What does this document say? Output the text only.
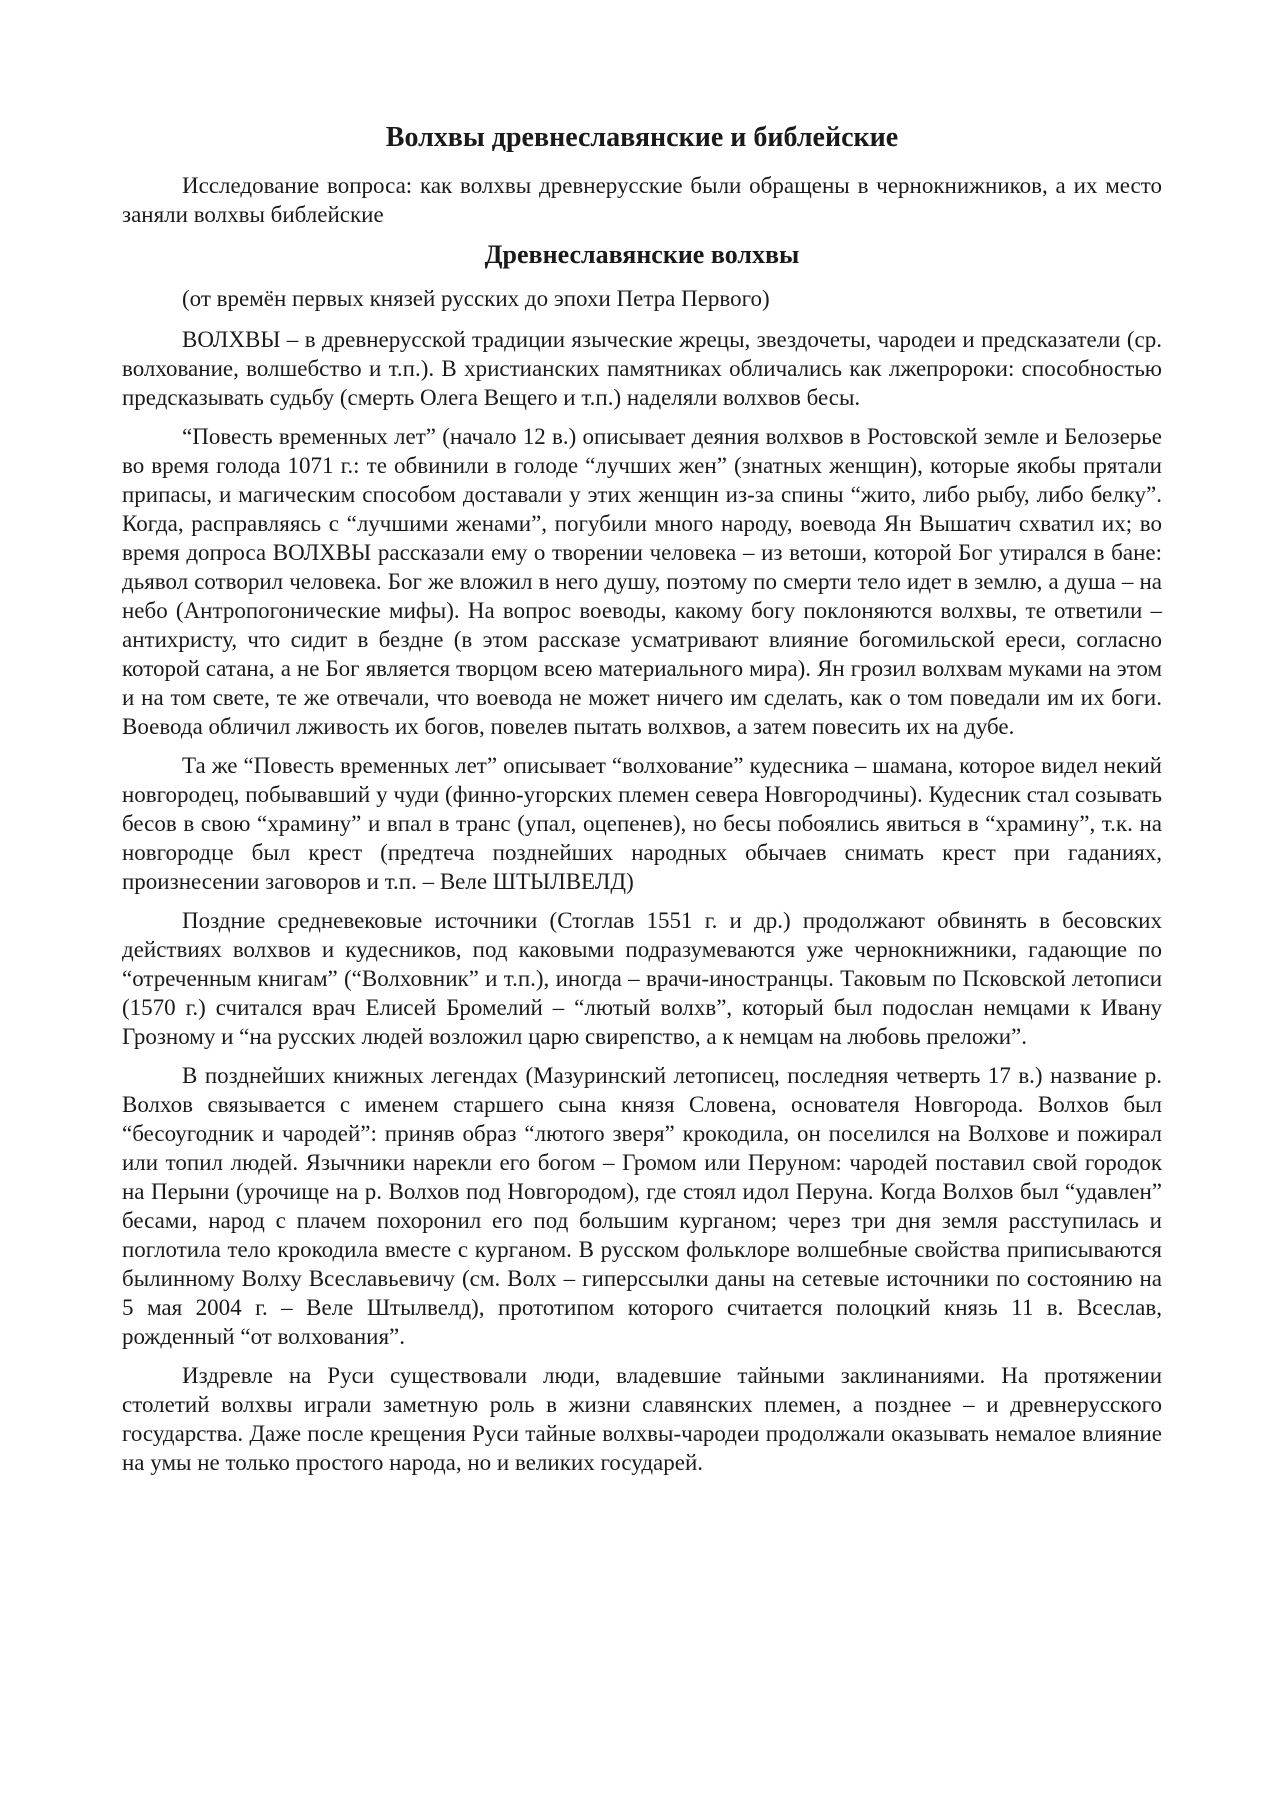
Волхвы древнеславянские и библейские

Исследование вопроса: как волхвы древнерусские были обращены в чернокнижников, а их место заняли волхвы библейские

Древнеславянские волхвы

(от времён первых князей русских до эпохи Петра Первого)

ВОЛХВЫ – в древнерусской традиции языческие жрецы, звездочеты, чародеи и предсказатели (ср. волхование, волшебство и т.п.). В христианских памятниках обличались как лжепророки: способностью предсказывать судьбу (смерть Олега Вещего и т.п.) наделяли волхвов бесы.

“Повесть временных лет” (начало 12 в.) описывает деяния волхвов в Ростовской земле и Белозерье во время голода 1071 г.: те обвинили в голоде “лучших жен” (знатных женщин), которые якобы прятали припасы, и магическим способом доставали у этих женщин из-за спины “жито, либо рыбу, либо белку”. Когда, расправляясь с “лучшими женами”, погубили много народу, воевода Ян Вышатич схватил их; во время допроса ВОЛХВЫ рассказали ему о творении человека – из ветоши, которой Бог утирался в бане: дьявол сотворил человека. Бог же вложил в него душу, поэтому по смерти тело идет в землю, а душа – на небо (Антропогонические мифы). На вопрос воеводы, какому богу поклоняются волхвы, те ответили – антихристу, что сидит в бездне (в этом рассказе усматривают влияние богомильской ереси, согласно которой сатана, а не Бог является творцом всею материального мира). Ян грозил волхвам муками на этом и на том свете, те же отвечали, что воевода не может ничего им сделать, как о том поведали им их боги. Воевода обличил лживость их богов, повелев пытать волхвов, а затем повесить их на дубе.

Та же “Повесть временных лет” описывает “волхование” кудесника – шамана, которое видел некий новгородец, побывавший у чуди (финно-угорских племен севера Новгородчины). Кудесник стал созывать бесов в свою “храмину” и впал в транс (упал, оцепенев), но бесы побоялись явиться в “храмину”, т.к. на новгородце был крест (предтеча позднейших народных обычаев снимать крест при гаданиях, произнесении заговоров и т.п. – Веле ШТЫЛВЕЛД)

Поздние средневековые источники (Стоглав 1551 г. и др.) продолжают обвинять в бесовских действиях волхвов и кудесников, под каковыми подразумеваются уже чернокнижники, гадающие по “отреченным книгам” (“Волховник” и т.п.), иногда – врачи-иностранцы. Таковым по Псковской летописи (1570 г.) считался врач Елисей Бромелий – “лютый волхв”, который был подослан немцами к Ивану Грозному и “на русских людей возложил царю свирепство, а к немцам на любовь преложи”.

В позднейших книжных легендах (Мазуринский летописец, последняя четверть 17 в.) название р. Волхов связывается с именем старшего сына князя Словена, основателя Новгорода. Волхов был “бесоугодник и чародей”: приняв образ “лютого зверя” крокодила, он поселился на Волхове и пожирал или топил людей. Язычники нарекли его богом – Громом или Перуном: чародей поставил свой городок на Перыни (урочище на р. Волхов под Новгородом), где стоял идол Перуна. Когда Волхов был “удавлен” бесами, народ с плачем похоронил его под большим курганом; через три дня земля расступилась и поглотила тело крокодила вместе с курганом. В русском фольклоре волшебные свойства приписываются былинному Волху Всеславьевичу (см. Волх – гиперссылки даны на сетевые источники по состоянию на 5 мая 2004 г. – Веле Штылвелд), прототипом которого считается полоцкий князь 11 в. Всеслав, рожденный “от волхования”.

Издревле на Руси существовали люди, владевшие тайными заклинаниями. На протяжении столетий волхвы играли заметную роль в жизни славянских племен, а позднее – и древнерусского государства. Даже после крещения Руси тайные волхвы-чародеи продолжали оказывать немалое влияние на умы не только простого народа, но и великих государей.
